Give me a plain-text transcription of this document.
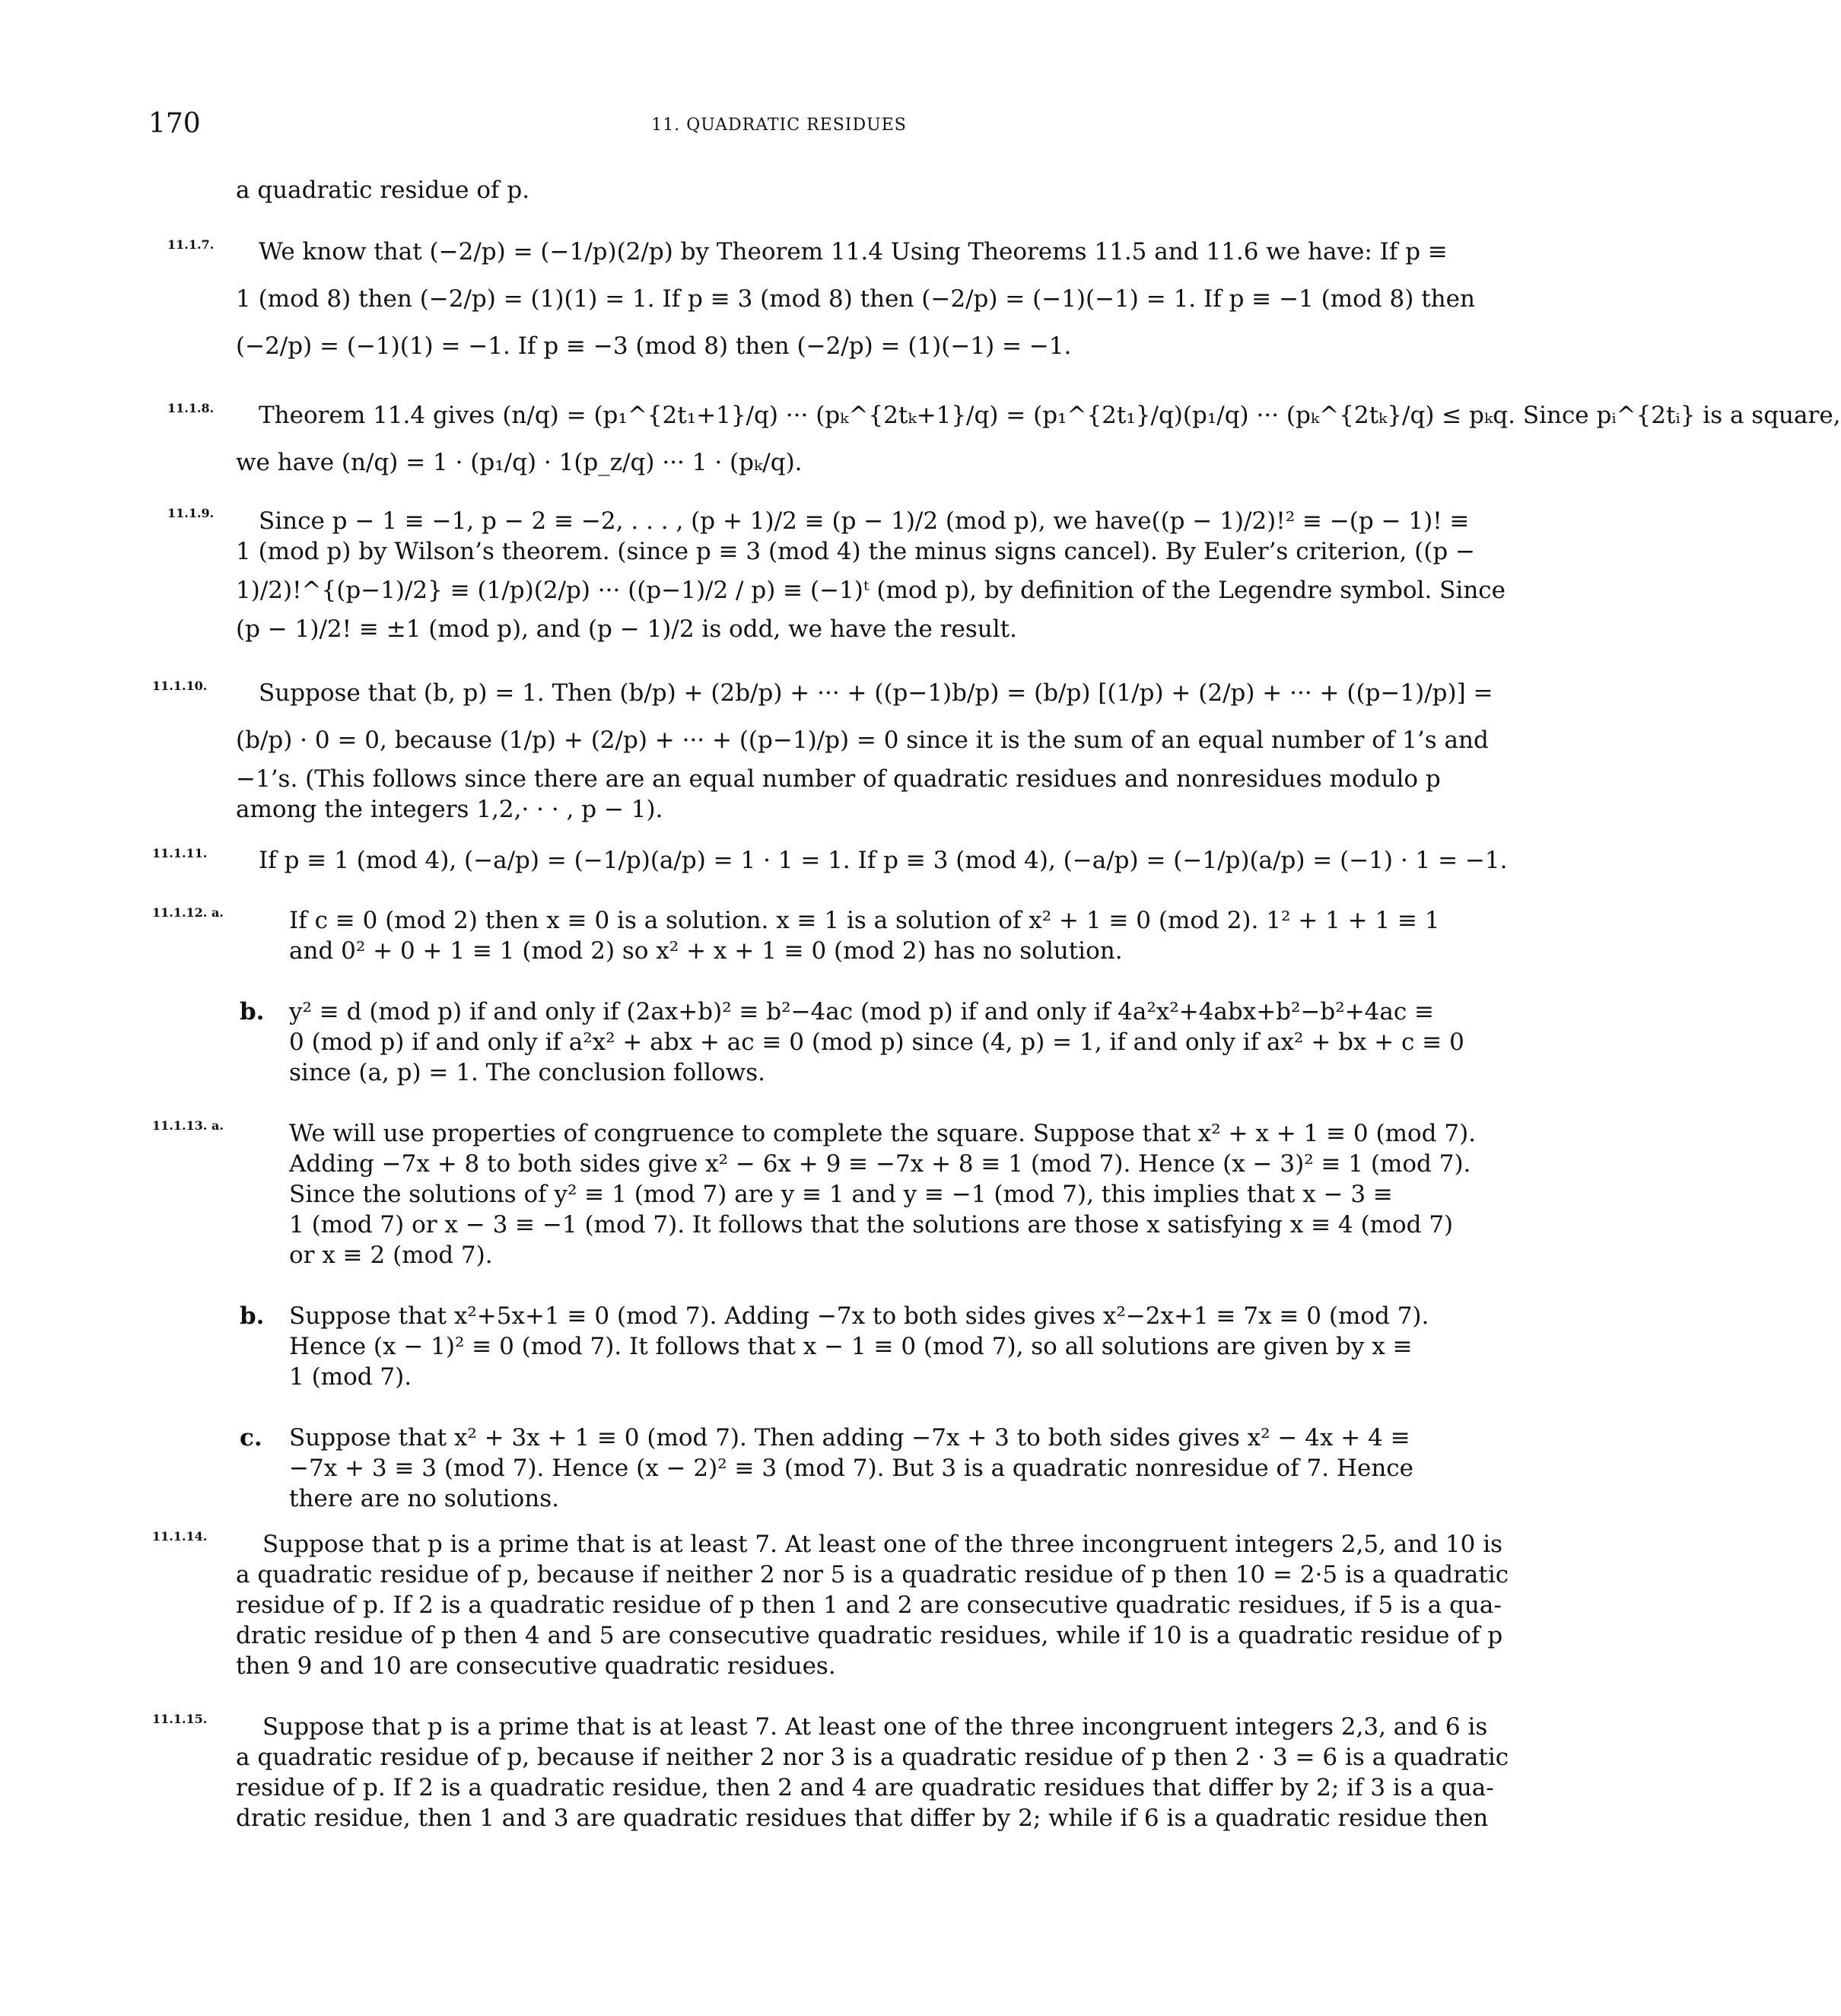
170	11. QUADRATIC RESIDUES
a quadratic residue of p.
11.1.7. We know that (−2/p) = (−1/p)(2/p) by Theorem 11.4 Using Theorems 11.5 and 11.6 we have: If p ≡
1 (mod 8) then (−2/p) = (1)(1) = 1. If p ≡ 3 (mod 8) then (−2/p) = (−1)(−1) = 1. If p ≡ −1 (mod 8) then
(−2/p) = (−1)(1) = −1. If p ≡ −3 (mod 8) then (−2/p) = (1)(−1) = −1.
11.1.8. Theorem 11.4 gives (n/q) = (p₁^{2t₁+1}/q) ··· (pₖ^{2tₖ+1}/q) = (p₁^{2t₁}/q)(p₁/q) ··· (pₖ^{2tₖ}/q) ≤ pₖq. Since pᵢ^{2tᵢ} is a square,
we have (n/q) = 1 · (p₁/q) · 1(p_z/q) ··· 1 · (pₖ/q).
11.1.9. Since p − 1 ≡ −1, p − 2 ≡ −2, . . . , (p + 1)/2 ≡ (p − 1)/2 (mod p), we have((p − 1)/2)!² ≡ −(p − 1)! ≡
1 (mod p) by Wilson’s theorem. (since p ≡ 3 (mod 4) the minus signs cancel). By Euler’s criterion, ((p −
1)/2)!^{(p−1)/2} ≡ (1/p)(2/p) ··· ((p−1)/2 / p) ≡ (−1)ᵗ (mod p), by definition of the Legendre symbol. Since
(p − 1)/2! ≡ ±1 (mod p), and (p − 1)/2 is odd, we have the result.
11.1.10. Suppose that (b, p) = 1. Then (b/p) + (2b/p) + ··· + ((p−1)b/p) = (b/p) [(1/p) + (2/p) + ··· + ((p−1)/p)] =
(b/p) · 0 = 0, because (1/p) + (2/p) + ··· + ((p−1)/p) = 0 since it is the sum of an equal number of 1’s and
−1’s. (This follows since there are an equal number of quadratic residues and nonresidues modulo p
among the integers 1,2,· · · , p − 1).
11.1.11. If p ≡ 1 (mod 4), (−a/p) = (−1/p)(a/p) = 1 · 1 = 1. If p ≡ 3 (mod 4), (−a/p) = (−1/p)(a/p) = (−1) · 1 = −1.
11.1.12. a.	If c ≡ 0 (mod 2) then x ≡ 0 is a solution. x ≡ 1 is a solution of x² + 1 ≡ 0 (mod 2). 1² + 1 + 1 ≡ 1
and 0² + 0 + 1 ≡ 1 (mod 2) so x² + x + 1 ≡ 0 (mod 2) has no solution.
b. y² ≡ d (mod p) if and only if (2ax+b)² ≡ b²−4ac (mod p) if and only if 4a²x²+4abx+b²−b²+4ac ≡
0 (mod p) if and only if a²x² + abx + ac ≡ 0 (mod p) since (4, p) = 1, if and only if ax² + bx + c ≡ 0
since (a, p) = 1. The conclusion follows.
11.1.13. a.	We will use properties of congruence to complete the square. Suppose that x² + x + 1 ≡ 0 (mod 7).
Adding −7x + 8 to both sides give x² − 6x + 9 ≡ −7x + 8 ≡ 1 (mod 7). Hence (x − 3)² ≡ 1 (mod 7).
Since the solutions of y² ≡ 1 (mod 7) are y ≡ 1 and y ≡ −1 (mod 7), this implies that x − 3 ≡
1 (mod 7) or x − 3 ≡ −1 (mod 7). It follows that the solutions are those x satisfying x ≡ 4 (mod 7)
or x ≡ 2 (mod 7).
b. Suppose that x²+5x+1 ≡ 0 (mod 7). Adding −7x to both sides gives x²−2x+1 ≡ 7x ≡ 0 (mod 7).
Hence (x − 1)² ≡ 0 (mod 7). It follows that x − 1 ≡ 0 (mod 7), so all solutions are given by x ≡
1 (mod 7).
c. Suppose that x² + 3x + 1 ≡ 0 (mod 7). Then adding −7x + 3 to both sides gives x² − 4x + 4 ≡
−7x + 3 ≡ 3 (mod 7). Hence (x − 2)² ≡ 3 (mod 7). But 3 is a quadratic nonresidue of 7. Hence
there are no solutions.
11.1.14. Suppose that p is a prime that is at least 7. At least one of the three incongruent integers 2,5, and 10 is
a quadratic residue of p, because if neither 2 nor 5 is a quadratic residue of p then 10 = 2·5 is a quadratic
residue of p. If 2 is a quadratic residue of p then 1 and 2 are consecutive quadratic residues, if 5 is a qua-
dratic residue of p then 4 and 5 are consecutive quadratic residues, while if 10 is a quadratic residue of p
then 9 and 10 are consecutive quadratic residues.
11.1.15. Suppose that p is a prime that is at least 7. At least one of the three incongruent integers 2,3, and 6 is
a quadratic residue of p, because if neither 2 nor 3 is a quadratic residue of p then 2 · 3 = 6 is a quadratic
residue of p. If 2 is a quadratic residue, then 2 and 4 are quadratic residues that differ by 2; if 3 is a qua-
dratic residue, then 1 and 3 are quadratic residues that differ by 2; while if 6 is a quadratic residue then
